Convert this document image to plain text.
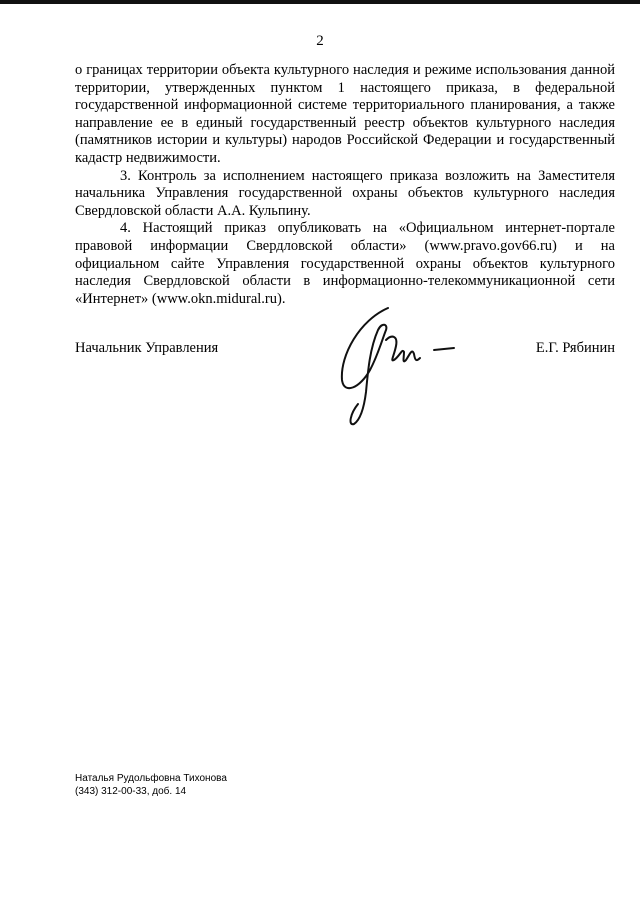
2

о границах территории объекта культурного наследия и режиме использования данной территории, утвержденных пунктом 1 настоящего приказа, в федеральной государственной информационной системе территориального планирования, а также направление ее в единый государственный реестр объектов культурного наследия (памятников истории и культуры) народов Российской Федерации и государственный кадастр недвижимости.

3. Контроль за исполнением настоящего приказа возложить на Заместителя начальника Управления государственной охраны объектов культурного наследия Свердловской области А.А. Кульпину.

4. Настоящий приказ опубликовать на «Официальном интернет-портале правовой информации Свердловской области» (www.pravo.gov66.ru) и на официальном сайте Управления государственной охраны объектов культурного наследия Свердловской области в информационно-телекоммуникационной сети «Интернет» (www.okn.midural.ru).

Начальник Управления	Е.Г. Рябинин
Наталья Рудольфовна Тихонова
(343) 312-00-33, доб. 14
